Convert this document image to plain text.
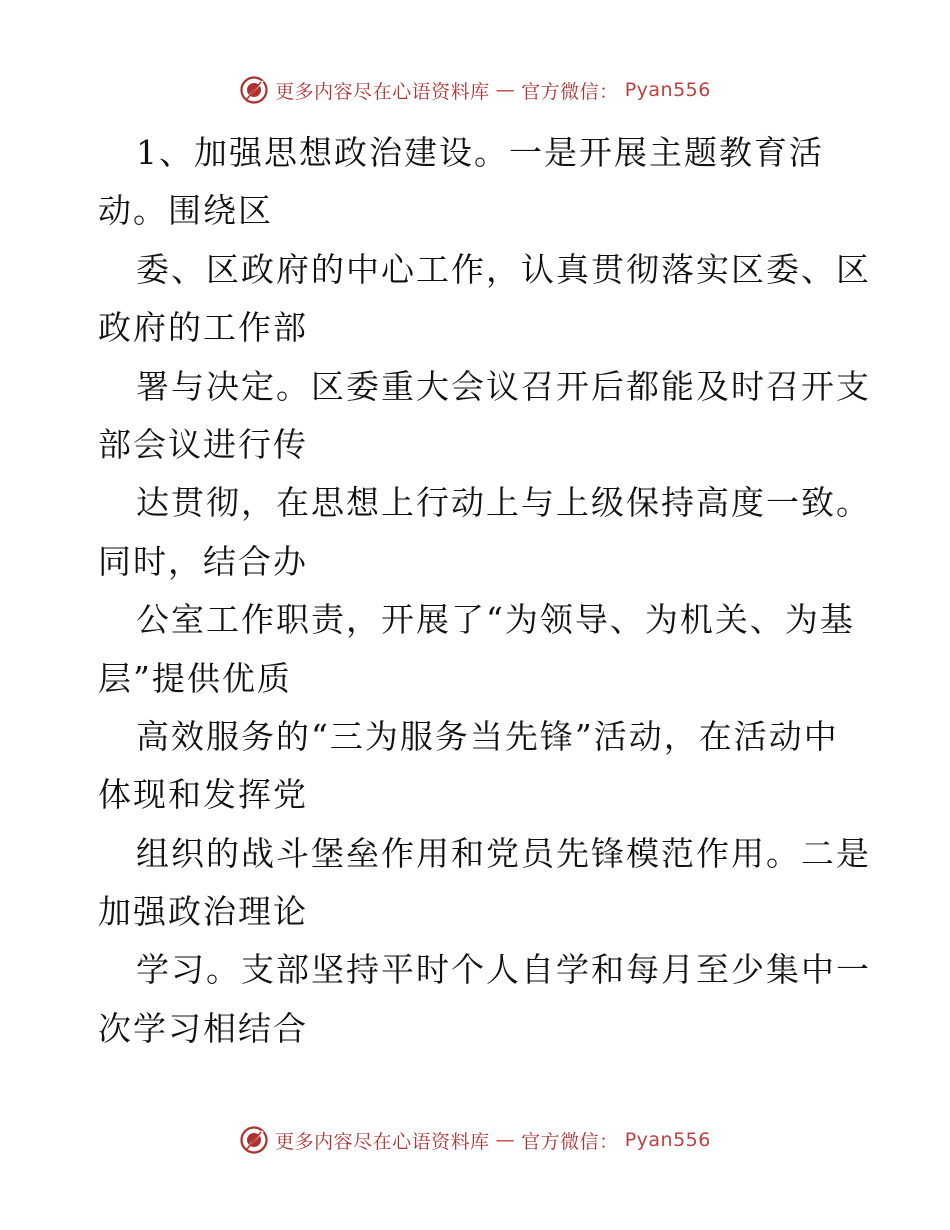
更多内容尽在心语资料库 — 官方微信： Pyan556
1、加强思想政治建设。一是开展主题教育活
动。围绕区
委、区政府的中心工作，认真贯彻落实区委、区
政府的工作部
署与决定。区委重大会议召开后都能及时召开支
部会议进行传
达贯彻，在思想上行动上与上级保持高度一致。
同时，结合办
公室工作职责，开展了“为领导、为机关、为基
层”提供优质
高效服务的“三为服务当先锋”活动，在活动中
体现和发挥党
组织的战斗堡垒作用和党员先锋模范作用。二是
加强政治理论
学习。支部坚持平时个人自学和每月至少集中一
次学习相结合
更多内容尽在心语资料库 — 官方微信： Pyan556
